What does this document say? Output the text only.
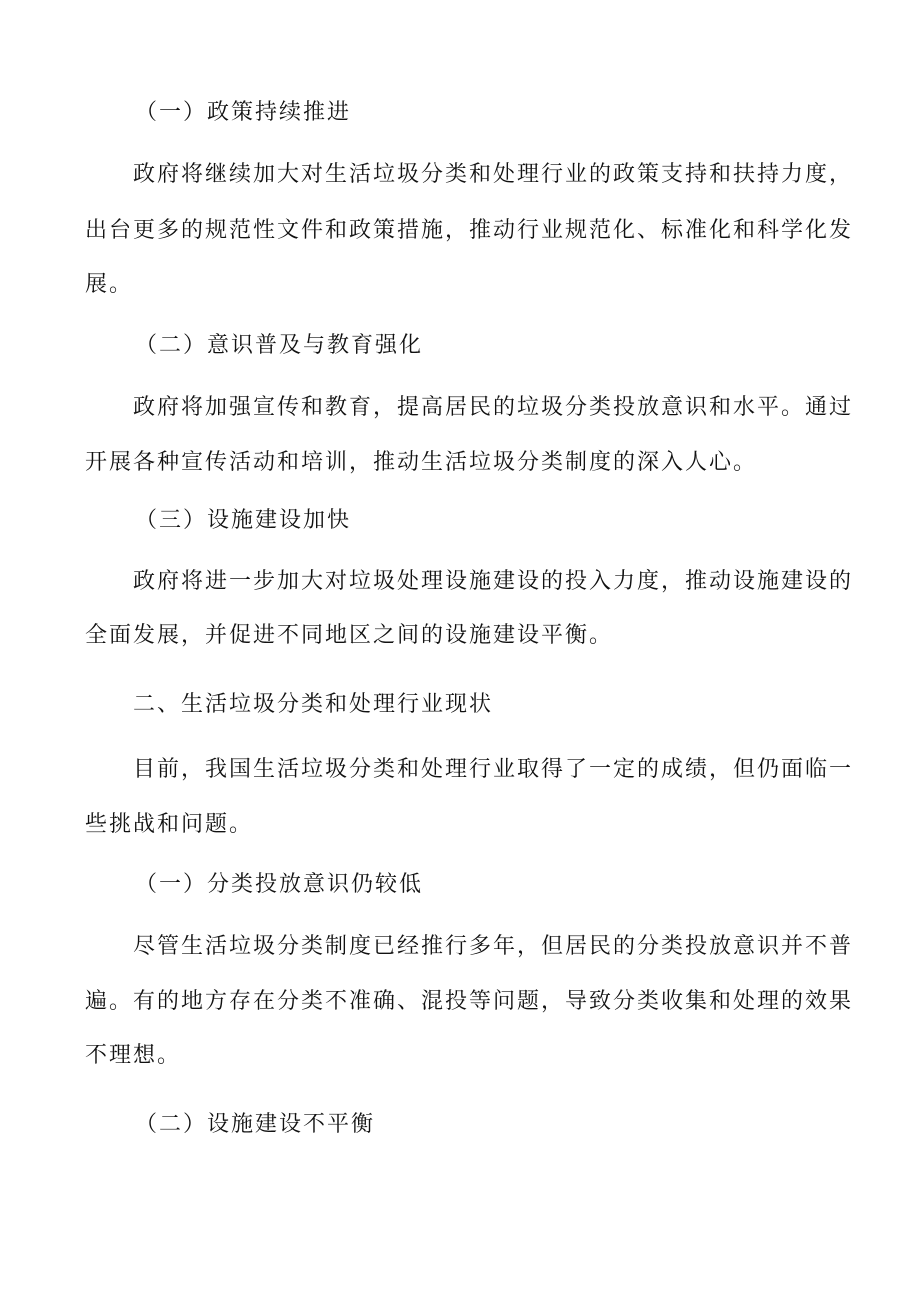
（一）政策持续推进

政府将继续加大对生活垃圾分类和处理行业的政策支持和扶持力度，

出台更多的规范性文件和政策措施，推动行业规范化、标准化和科学化发

展。

（二）意识普及与教育强化

政府将加强宣传和教育，提高居民的垃圾分类投放意识和水平。通过

开展各种宣传活动和培训，推动生活垃圾分类制度的深入人心。

（三）设施建设加快

政府将进一步加大对垃圾处理设施建设的投入力度，推动设施建设的

全面发展，并促进不同地区之间的设施建设平衡。

二、生活垃圾分类和处理行业现状

目前，我国生活垃圾分类和处理行业取得了一定的成绩，但仍面临一

些挑战和问题。

（一）分类投放意识仍较低

尽管生活垃圾分类制度已经推行多年，但居民的分类投放意识并不普

遍。有的地方存在分类不准确、混投等问题，导致分类收集和处理的效果

不理想。

（二）设施建设不平衡
